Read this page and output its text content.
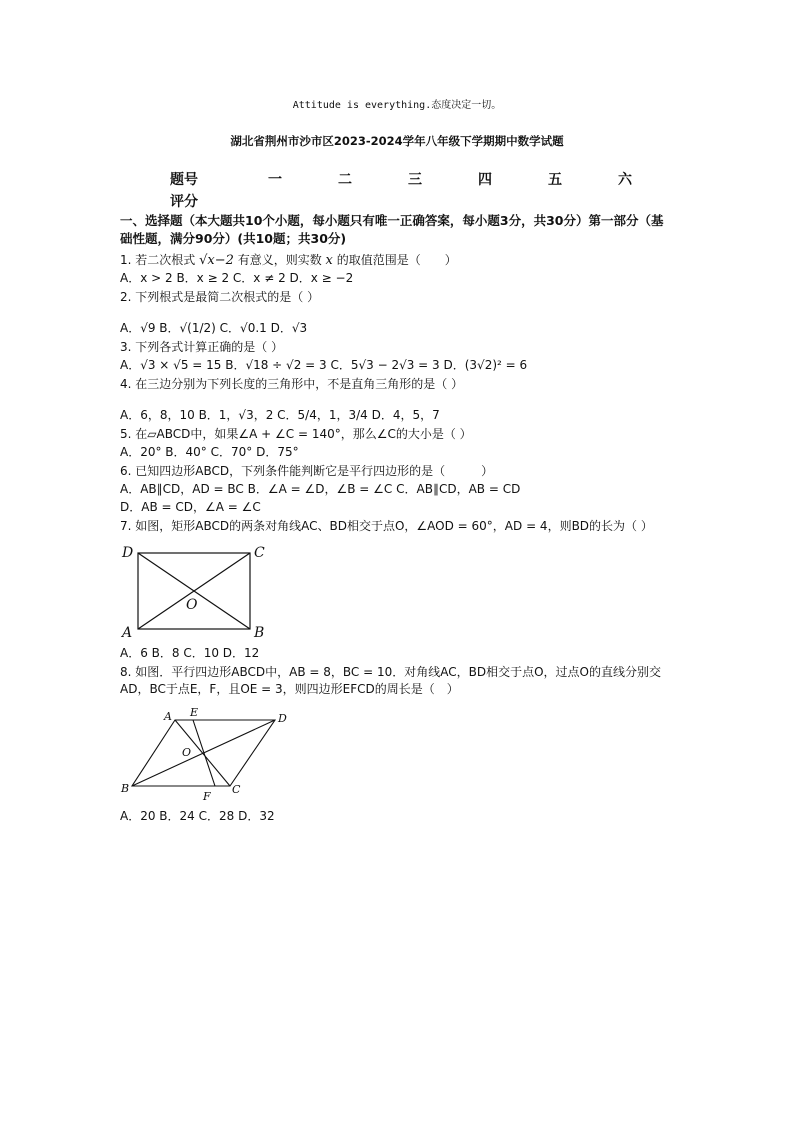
Attitude is everything.态度决定一切。
湖北省荆州市沙市区2023-2024学年八年级下学期期中数学试题
题号	一	二	三	四	五	六
评分
一、选择题（本大题共10个小题，每小题只有唯一正确答案，每小题3分，共30分）第一部分（基础性题，满分90分）(共10题；共30分)
1. 若二次根式 √x−2 有意义，则实数 x 的取值范围是（　　）
A．x > 2 B．x ≥ 2 C．x ≠ 2 D．x ≥ −2
2. 下列根式是最简二次根式的是（ ）
A．√9 B．√(1/2) C．√0.1 D．√3
3. 下列各式计算正确的是（ ）
A．√3 × √5 = 15 B．√18 ÷ √2 = 3 C．5√3 − 2√3 = 3 D．(3√2)² = 6
4. 在三边分别为下列长度的三角形中，不是直角三角形的是（ ）
A．6，8，10 B．1，√3，2 C．5/4，1，3/4 D．4，5，7
5. 在▱ABCD中，如果∠A + ∠C = 140°，那么∠C的大小是（ ）
A．20° B．40° C．70° D．75°
6. 已知四边形ABCD，下列条件能判断它是平行四边形的是（　　　）
A．AB∥CD，AD = BC B．∠A = ∠D，∠B = ∠C C．AB∥CD，AB = CD
D．AB = CD，∠A = ∠C
7. 如图，矩形ABCD的两条对角线AC、BD相交于点O，∠AOD = 60°，AD = 4，则BD的长为（ ）
D	C
A	B
O
A．6 B．8 C．10 D．12
8. 如图．平行四边形ABCD中，AB = 8，BC = 10．对角线AC，BD相交于点O，过点O的直线分别交AD，BC于点E，F，且OE = 3，则四边形EFCD的周长是（　）
A E	D
O
B	C
F
A．20 B．24 C．28 D．32
